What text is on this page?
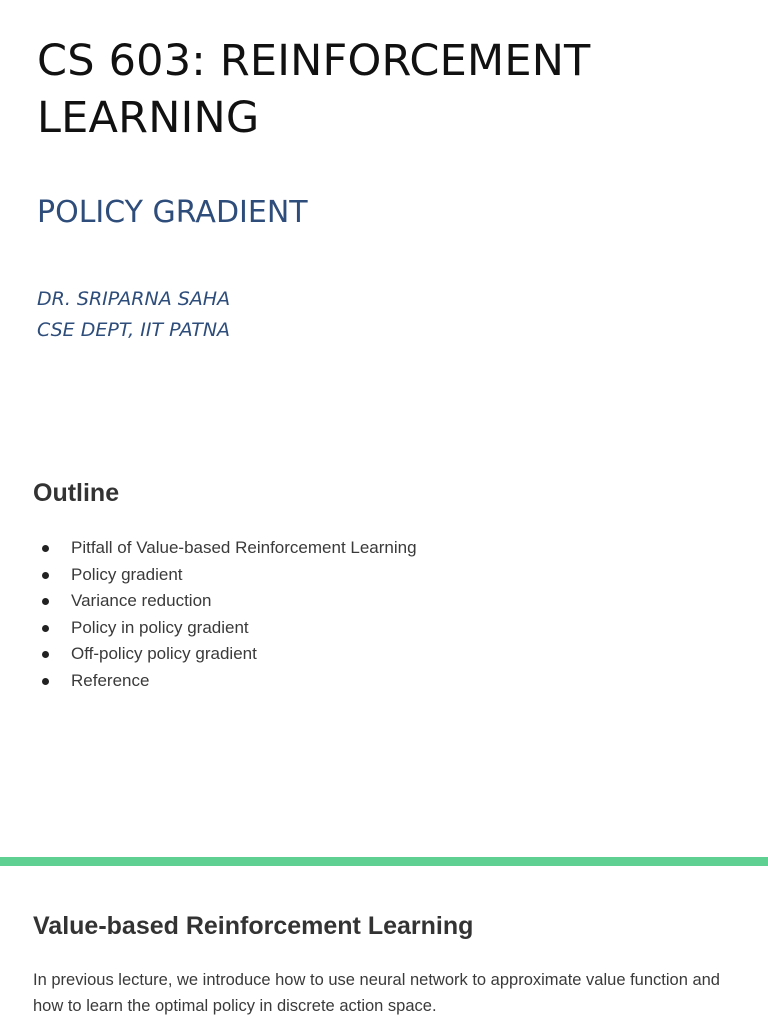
CS 603: REINFORCEMENT
LEARNING
POLICY GRADIENT
DR. SRIPARNA SAHA
CSE DEPT, IIT PATNA
Outline
Pitfall of Value-based Reinforcement Learning
Policy gradient
Variance reduction
Policy in policy gradient
Off-policy policy gradient
Reference
Value-based Reinforcement Learning

In previous lecture, we introduce how to use neural network to approximate value function and how to learn the optimal policy in discrete action space.
